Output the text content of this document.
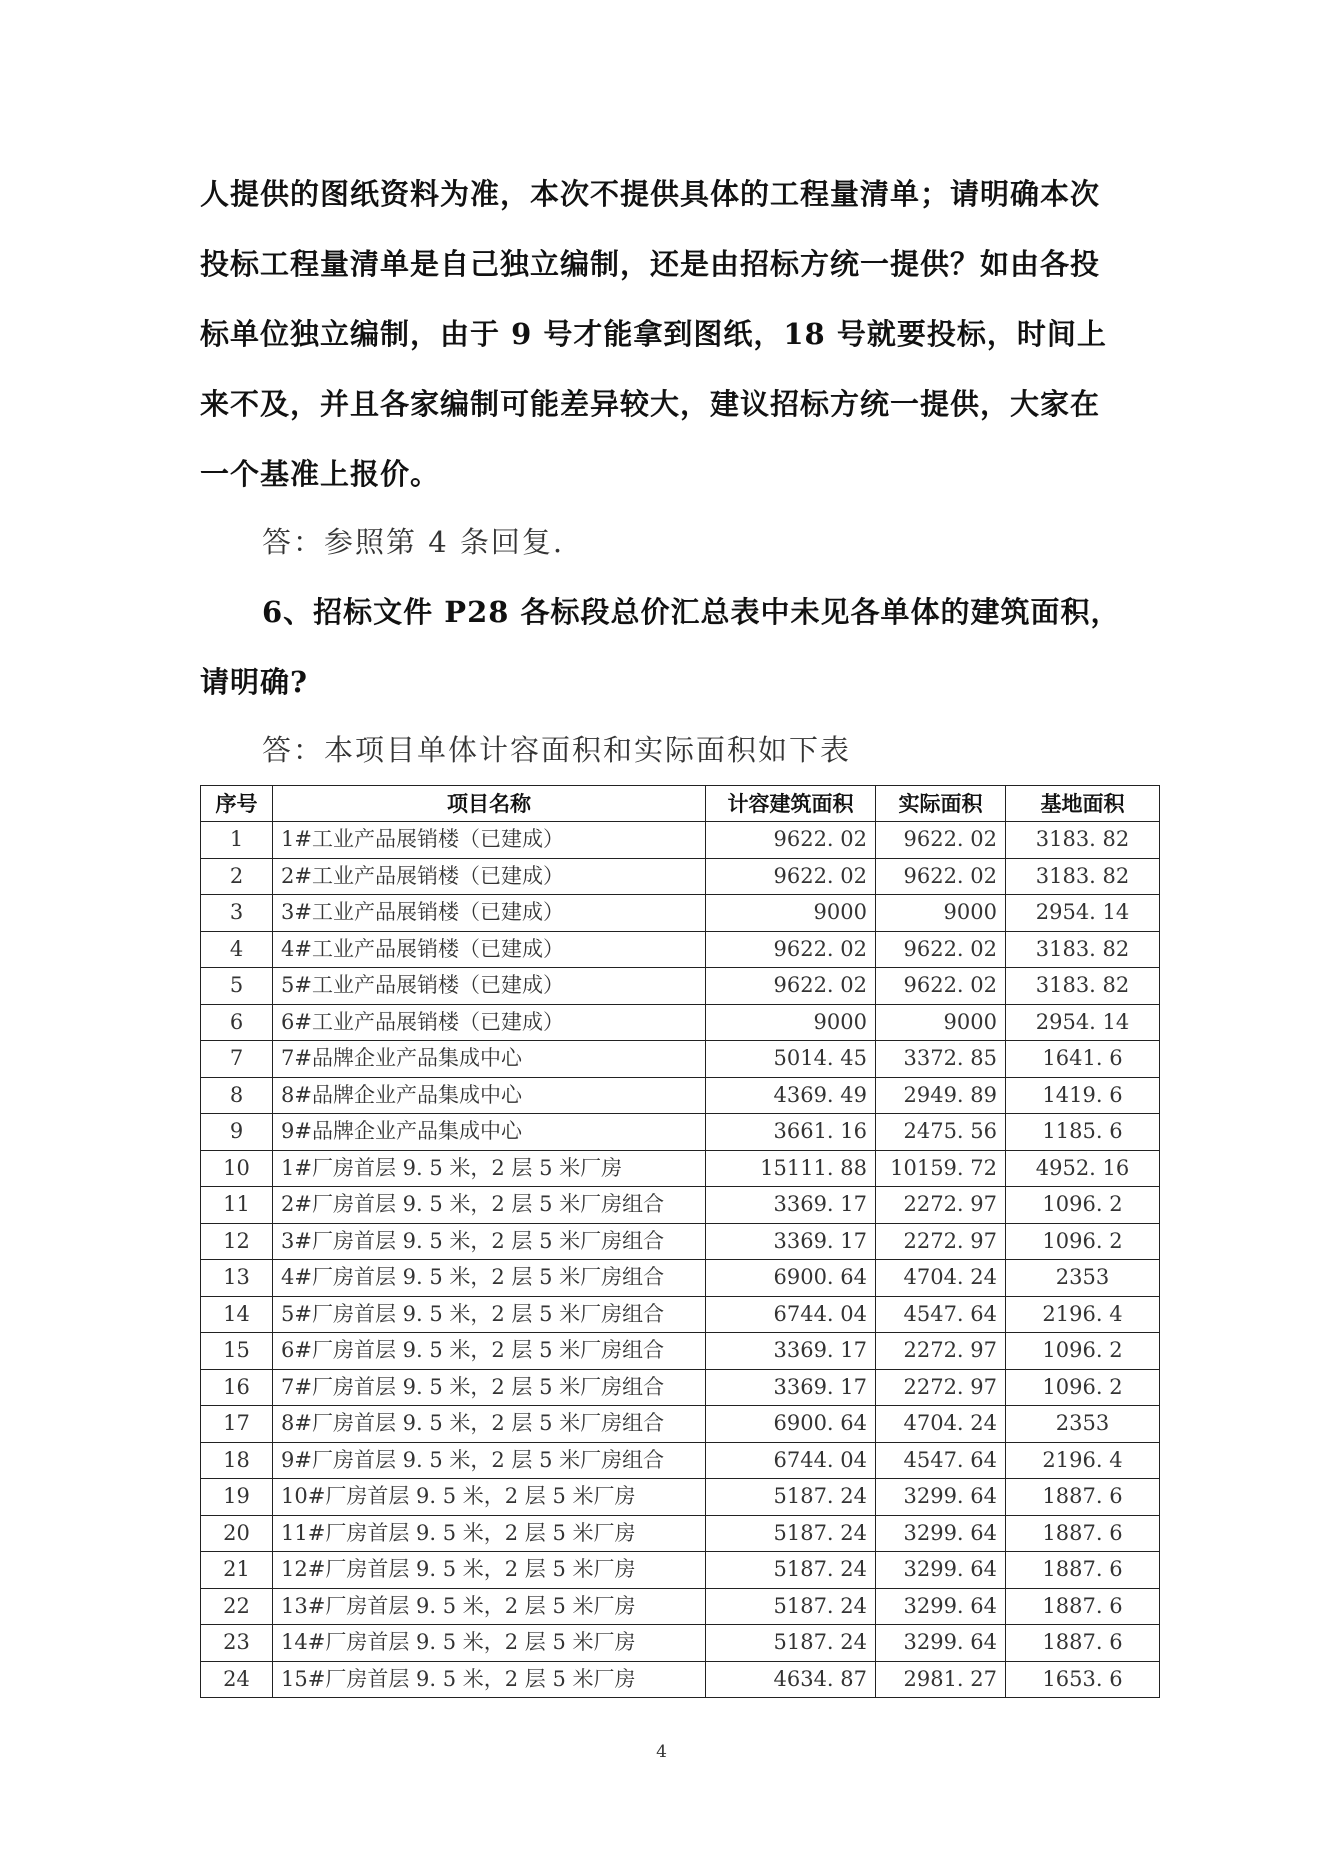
人提供的图纸资料为准，本次不提供具体的工程量清单；请明确本次
投标工程量清单是自己独立编制，还是由招标方统一提供？如由各投
标单位独立编制，由于 9 号才能拿到图纸，18 号就要投标，时间上
来不及，并且各家编制可能差异较大，建议招标方统一提供，大家在
一个基准上报价。
答：参照第 4 条回复.
6、招标文件 P28 各标段总价汇总表中未见各单体的建筑面积，
请明确?
答：本项目单体计容面积和实际面积如下表
序号	项目名称	计容建筑面积	实际面积	基地面积
1	1#工业产品展销楼（已建成）	9622. 02	9622. 02	3183. 82
2	2#工业产品展销楼（已建成）	9622. 02	9622. 02	3183. 82
3	3#工业产品展销楼（已建成）	9000	9000	2954. 14
4	4#工业产品展销楼（已建成）	9622. 02	9622. 02	3183. 82
5	5#工业产品展销楼（已建成）	9622. 02	9622. 02	3183. 82
6	6#工业产品展销楼（已建成）	9000	9000	2954. 14
7	7#品牌企业产品集成中心	5014. 45	3372. 85	1641. 6
8	8#品牌企业产品集成中心	4369. 49	2949. 89	1419. 6
9	9#品牌企业产品集成中心	3661. 16	2475. 56	1185. 6
10	1#厂房首层 9. 5 米，2 层 5 米厂房	15111. 88	10159. 72	4952. 16
11	2#厂房首层 9. 5 米，2 层 5 米厂房组合	3369. 17	2272. 97	1096. 2
12	3#厂房首层 9. 5 米，2 层 5 米厂房组合	3369. 17	2272. 97	1096. 2
13	4#厂房首层 9. 5 米，2 层 5 米厂房组合	6900. 64	4704. 24	2353
14	5#厂房首层 9. 5 米，2 层 5 米厂房组合	6744. 04	4547. 64	2196. 4
15	6#厂房首层 9. 5 米，2 层 5 米厂房组合	3369. 17	2272. 97	1096. 2
16	7#厂房首层 9. 5 米，2 层 5 米厂房组合	3369. 17	2272. 97	1096. 2
17	8#厂房首层 9. 5 米，2 层 5 米厂房组合	6900. 64	4704. 24	2353
18	9#厂房首层 9. 5 米，2 层 5 米厂房组合	6744. 04	4547. 64	2196. 4
19	10#厂房首层 9. 5 米，2 层 5 米厂房	5187. 24	3299. 64	1887. 6
20	11#厂房首层 9. 5 米，2 层 5 米厂房	5187. 24	3299. 64	1887. 6
21	12#厂房首层 9. 5 米，2 层 5 米厂房	5187. 24	3299. 64	1887. 6
22	13#厂房首层 9. 5 米，2 层 5 米厂房	5187. 24	3299. 64	1887. 6
23	14#厂房首层 9. 5 米，2 层 5 米厂房	5187. 24	3299. 64	1887. 6
24	15#厂房首层 9. 5 米，2 层 5 米厂房	4634. 87	2981. 27	1653. 6
4
